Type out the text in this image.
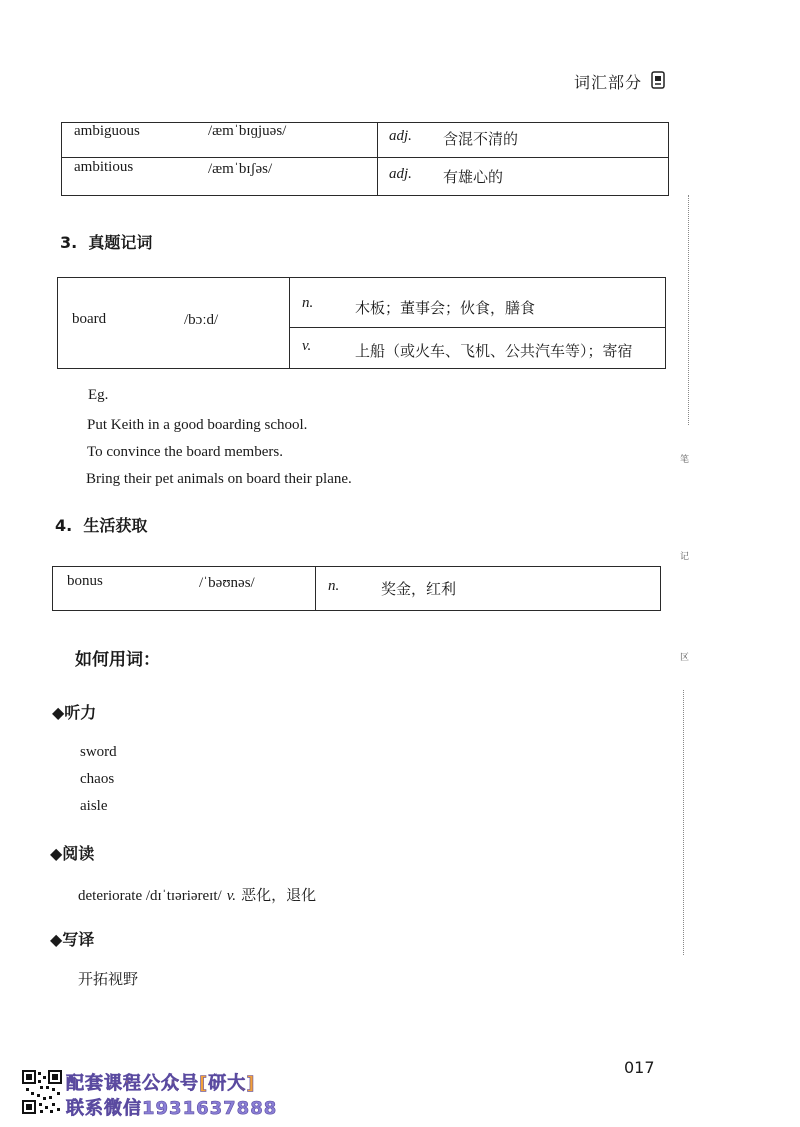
词汇部分
ambiguous	/æmˈbɪɡjuəs/	adj. 含混不清的
ambitious	/æmˈbɪʃəs/	adj. 有雄心的
3. 真题记词
board	/bɔːd/
n.	木板；董事会；伙食，膳食
v.	上船（或火车、飞机、公共汽车等）；寄宿
Eg.
Put Keith in a good boarding school.
To convince the board members.
Bring their pet animals on board their plane.
4. 生活获取
bonus	/ˈbəʊnəs/	n.	奖金，红利
如何用词：
◆听力
sword
chaos
aisle
◆阅读
deteriorate /dɪˈtɪəriəreɪt/ v. 恶化，退化
◆写译
开拓视野
笔
记
区
017
配套课程公众号[研大]
联系微信1931637888
